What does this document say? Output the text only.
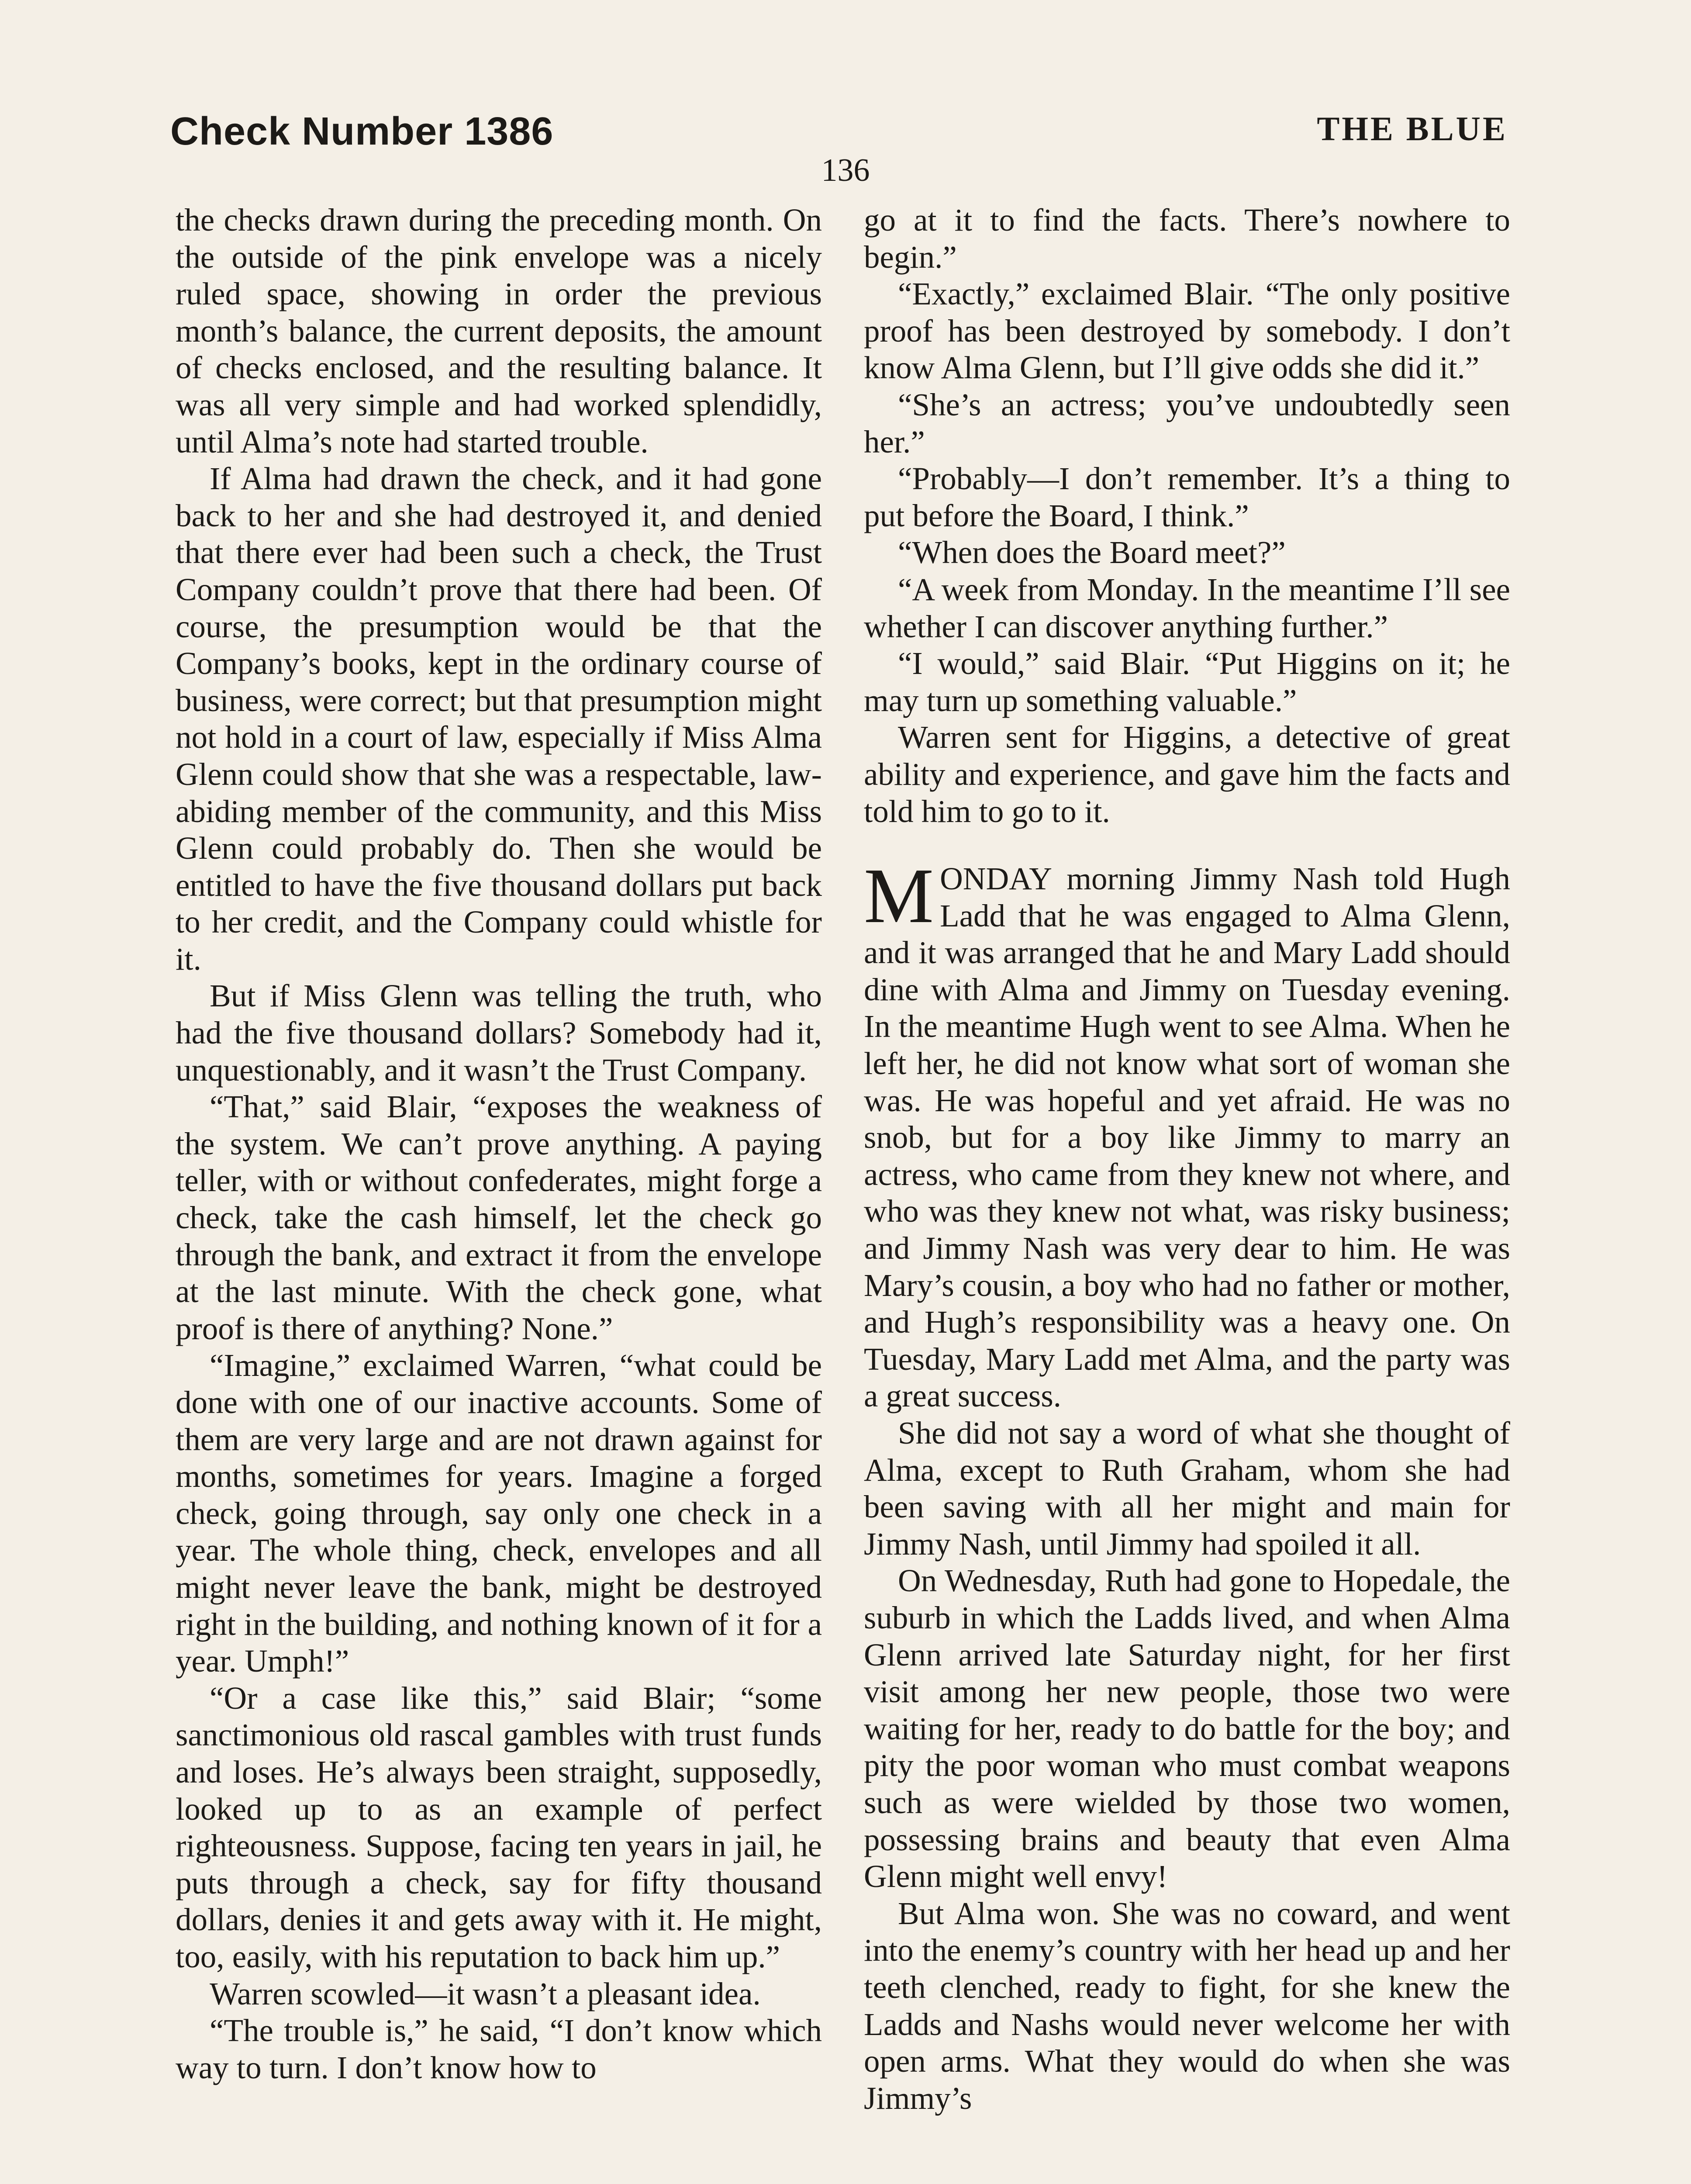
Check Number 1386	THE BLUE
136

the checks drawn during the preceding month. On the outside of the pink envelope was a nicely ruled space, showing in order the previous month’s balance, the current deposits, the amount of checks enclosed, and the resulting balance. It was all very simple and had worked splendidly, until Alma’s note had started trouble.

If Alma had drawn the check, and it had gone back to her and she had destroyed it, and denied that there ever had been such a check, the Trust Company couldn’t prove that there had been. Of course, the presumption would be that the Company’s books, kept in the ordinary course of business, were correct; but that presumption might not hold in a court of law, especially if Miss Alma Glenn could show that she was a respectable, law-abiding member of the community, and this Miss Glenn could probably do. Then she would be entitled to have the five thousand dollars put back to her credit, and the Company could whistle for it.

But if Miss Glenn was telling the truth, who had the five thousand dollars? Somebody had it, unquestionably, and it wasn’t the Trust Company.

“That,” said Blair, “exposes the weakness of the system. We can’t prove anything. A paying teller, with or without confederates, might forge a check, take the cash himself, let the check go through the bank, and extract it from the envelope at the last minute. With the check gone, what proof is there of anything? None.”

“Imagine,” exclaimed Warren, “what could be done with one of our inactive accounts. Some of them are very large and are not drawn against for months, sometimes for years. Imagine a forged check, going through, say only one check in a year. The whole thing, check, envelopes and all might never leave the bank, might be destroyed right in the building, and nothing known of it for a year. Umph!”

“Or a case like this,” said Blair; “some sanctimonious old rascal gambles with trust funds and loses. He’s always been straight, supposedly, looked up to as an example of perfect righteousness. Suppose, facing ten years in jail, he puts through a check, say for fifty thousand dollars, denies it and gets away with it. He might, too, easily, with his reputation to back him up.”

Warren scowled—it wasn’t a pleasant idea.

“The trouble is,” he said, “I don’t know which way to turn. I don’t know how to

go at it to find the facts. There’s nowhere to begin.”

“Exactly,” exclaimed Blair. “The only positive proof has been destroyed by somebody. I don’t know Alma Glenn, but I’ll give odds she did it.”

“She’s an actress; you’ve undoubtedly seen her.”

“Probably—I don’t remember. It’s a thing to put before the Board, I think.”

“When does the Board meet?”

“A week from Monday. In the meantime I’ll see whether I can discover anything further.”

“I would,” said Blair. “Put Higgins on it; he may turn up something valuable.”

Warren sent for Higgins, a detective of great ability and experience, and gave him the facts and told him to go to it.

MONDAY morning Jimmy Nash told Hugh Ladd that he was engaged to Alma Glenn, and it was arranged that he and Mary Ladd should dine with Alma and Jimmy on Tuesday evening. In the meantime Hugh went to see Alma. When he left her, he did not know what sort of woman she was. He was hopeful and yet afraid. He was no snob, but for a boy like Jimmy to marry an actress, who came from they knew not where, and who was they knew not what, was risky business; and Jimmy Nash was very dear to him. He was Mary’s cousin, a boy who had no father or mother, and Hugh’s responsibility was a heavy one. On Tuesday, Mary Ladd met Alma, and the party was a great success.

She did not say a word of what she thought of Alma, except to Ruth Graham, whom she had been saving with all her might and main for Jimmy Nash, until Jimmy had spoiled it all.

On Wednesday, Ruth had gone to Hopedale, the suburb in which the Ladds lived, and when Alma Glenn arrived late Saturday night, for her first visit among her new people, those two were waiting for her, ready to do battle for the boy; and pity the poor woman who must combat weapons such as were wielded by those two women, possessing brains and beauty that even Alma Glenn might well envy!

But Alma won. She was no coward, and went into the enemy’s country with her head up and her teeth clenched, ready to fight, for she knew the Ladds and Nashs would never welcome her with open arms. What they would do when she was Jimmy’s
